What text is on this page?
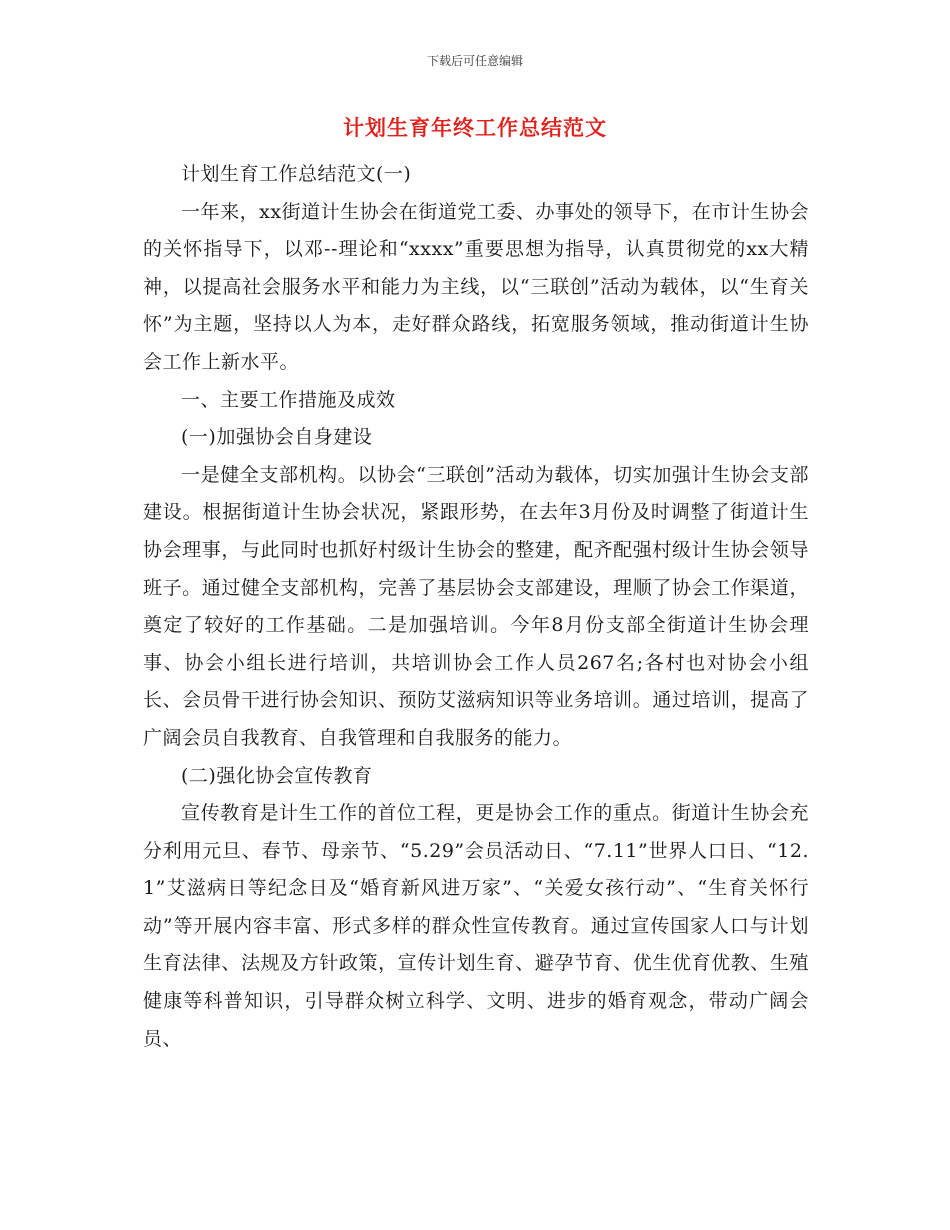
下载后可任意编辑
计划生育年终工作总结范文

计划生育工作总结范文(一)

一年来，xx街道计生协会在街道党工委、办事处的领导下，在市计生协会的关怀指导下，以邓--理论和“xxxx”重要思想为指导，认真贯彻党的xx大精神，以提高社会服务水平和能力为主线，以“三联创”活动为载体，以“生育关怀”为主题，坚持以人为本，走好群众路线，拓宽服务领域，推动街道计生协会工作上新水平。

一、主要工作措施及成效

(一)加强协会自身建设

一是健全支部机构。以协会“三联创”活动为载体，切实加强计生协会支部建设。根据街道计生协会状况，紧跟形势，在去年3月份及时调整了街道计生协会理事，与此同时也抓好村级计生协会的整建，配齐配强村级计生协会领导班子。通过健全支部机构，完善了基层协会支部建设，理顺了协会工作渠道，奠定了较好的工作基础。二是加强培训。今年8月份支部全街道计生协会理事、协会小组长进行培训，共培训协会工作人员267名;各村也对协会小组长、会员骨干进行协会知识、预防艾滋病知识等业务培训。通过培训，提高了广阔会员自我教育、自我管理和自我服务的能力。

(二)强化协会宣传教育

宣传教育是计生工作的首位工程，更是协会工作的重点。街道计生协会充分利用元旦、春节、母亲节、“5.29”会员活动日、“7.11”世界人口日、“12.1”艾滋病日等纪念日及“婚育新风进万家”、“关爱女孩行动”、“生育关怀行动”等开展内容丰富、形式多样的群众性宣传教育。通过宣传国家人口与计划生育法律、法规及方针政策，宣传计划生育、避孕节育、优生优育优教、生殖健康等科普知识，引导群众树立科学、文明、进步的婚育观念，带动广阔会员、
